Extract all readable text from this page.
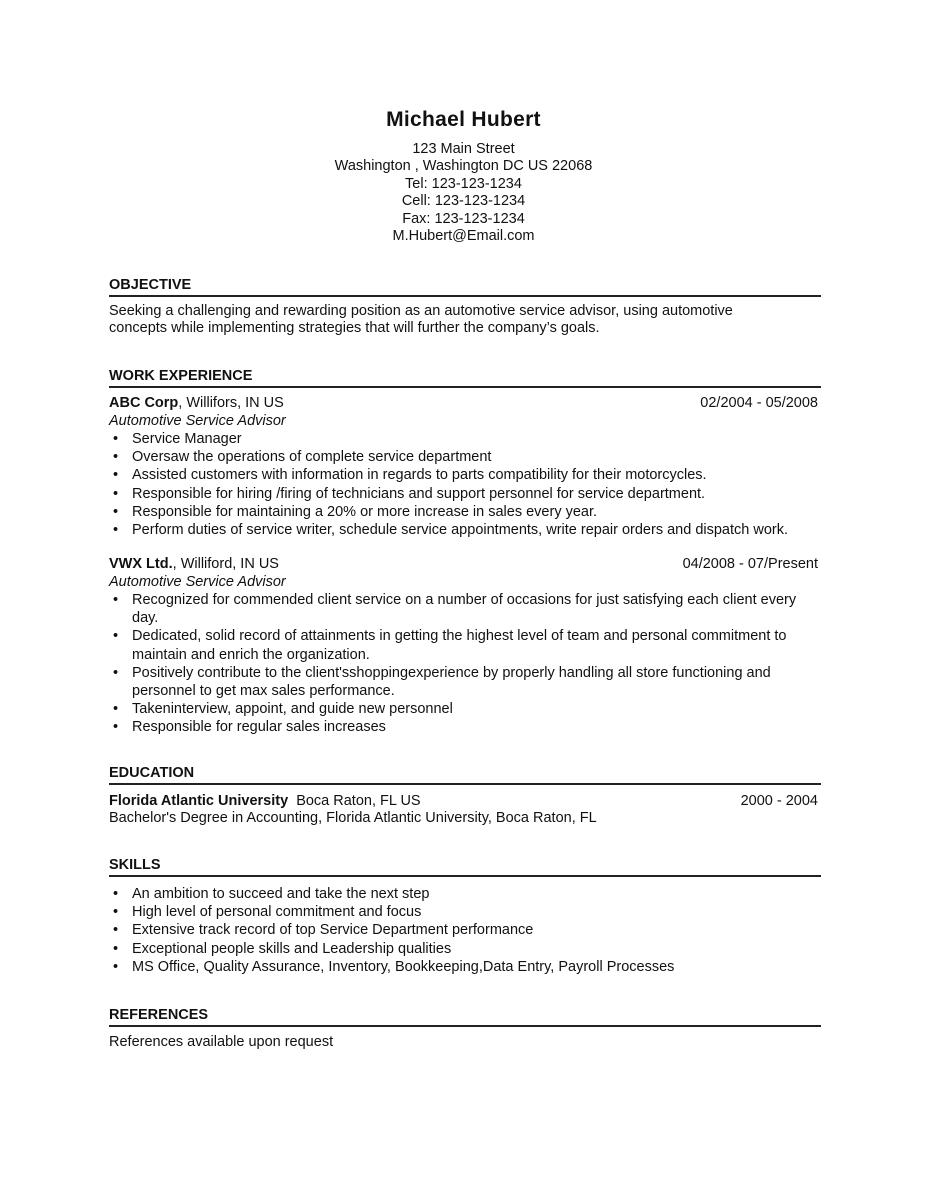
Michael Hubert
123 Main Street
Washington , Washington DC US 22068
Tel: 123-123-1234
Cell: 123-123-1234
Fax: 123-123-1234
M.Hubert@Email.com
OBJECTIVE
Seeking a challenging and rewarding position as an automotive service advisor, using automotive
concepts while implementing strategies that will further the company’s goals.
WORK EXPERIENCE
ABC Corp, Willifors, IN US	02/2004 - 05/2008
Automotive Service Advisor
• Service Manager
• Oversaw the operations of complete service department
• Assisted customers with information in regards to parts compatibility for their motorcycles.
• Responsible for hiring /firing of technicians and support personnel for service department.
• Responsible for maintaining a 20% or more increase in sales every year.
• Perform duties of service writer, schedule service appointments, write repair orders and dispatch work.
VWX Ltd., Williford, IN US	04/2008 - 07/Present
Automotive Service Advisor
• Recognized for commended client service on a number of occasions for just satisfying each client every day.
• Dedicated, solid record of attainments in getting the highest level of team and personal commitment to maintain and enrich the organization.
• Positively contribute to the client'sshoppingexperience by properly handling all store functioning and personnel to get max sales performance.
• Takeninterview, appoint, and guide new personnel
• Responsible for regular sales increases
EDUCATION
Florida Atlantic University  Boca Raton, FL US	2000 - 2004
Bachelor's Degree in Accounting, Florida Atlantic University, Boca Raton, FL
SKILLS
• An ambition to succeed and take the next step
• High level of personal commitment and focus
• Extensive track record of top Service Department performance
• Exceptional people skills and Leadership qualities
• MS Office, Quality Assurance, Inventory, Bookkeeping,Data Entry, Payroll Processes
REFERENCES
References available upon request
